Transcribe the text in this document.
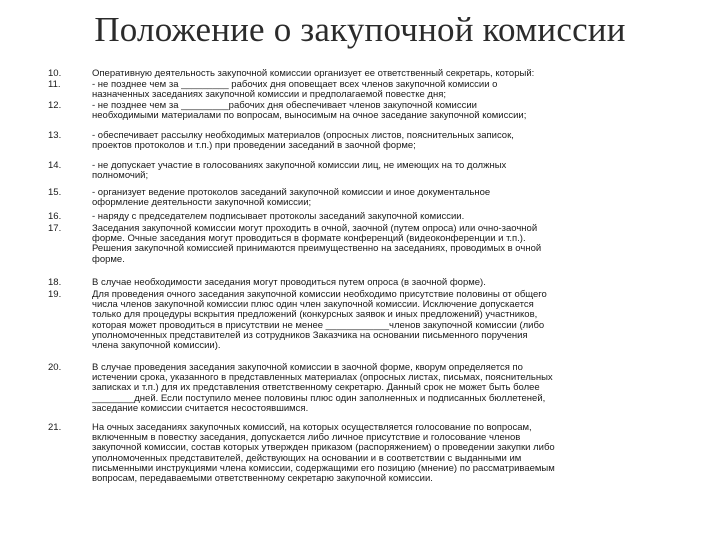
Положение о закупочной комиссии
10.	Оперативную деятельность закупочной комиссии организует ее ответственный секретарь, который:
11.	- не позднее чем за _________ рабочих дня оповещает всех членов закупочной комиссии о
назначенных заседаниях закупочной комиссии и предполагаемой повестке дня;
12.	- не позднее чем за _________рабочих дня обеспечивает членов закупочной комиссии
необходимыми материалами по вопросам, выносимым на очное заседание закупочной комиссии;
13.	- обеспечивает рассылку необходимых материалов (опросных листов, пояснительных записок,
проектов протоколов и т.п.) при проведении заседаний в заочной форме;
14.	- не допускает участие в голосованиях закупочной комиссии лиц, не имеющих на то должных
полномочий;
15.	- организует ведение протоколов заседаний закупочной комиссии и иное документальное
оформление деятельности закупочной комиссии;
16.	- наряду с председателем подписывает протоколы заседаний закупочной комиссии.
17.	Заседания закупочной комиссии могут проходить в очной, заочной (путем опроса) или очно-заочной
форме. Очные заседания могут проводиться в формате конференций (видеоконференции и т.п.).
Решения закупочной комиссией принимаются преимущественно на заседаниях, проводимых в очной
форме.
18.	В случае необходимости заседания могут проводиться путем опроса (в заочной форме).
19.	Для проведения очного заседания закупочной комиссии необходимо присутствие половины от общего
числа членов закупочной комиссии плюс один член закупочной комиссии. Исключение допускается
только для процедуры вскрытия предложений (конкурсных заявок и иных предложений) участников,
которая может проводиться в присутствии не менее ____________членов закупочной комиссии (либо
уполномоченных представителей из сотрудников Заказчика на основании письменного поручения
члена закупочной комиссии).
20.	В случае проведения заседания закупочной комиссии в заочной форме, кворум определяется по
истечении срока, указанного в представленных материалах (опросных листах, письмах, пояснительных
записках и т.п.) для их представления ответственному секретарю. Данный срок не может быть более
________дней. Если поступило менее половины плюс один заполненных и подписанных бюллетеней,
заседание комиссии считается несостоявшимся.
21.	На очных заседаниях закупочных комиссий, на которых осуществляется голосование по вопросам,
включенным в повестку заседания, допускается либо личное присутствие и голосование членов
закупочной комиссии, состав которых утвержден приказом (распоряжением) о проведении закупки либо
уполномоченных представителей, действующих на основании и в соответствии с выданными им
письменными инструкциями члена комиссии, содержащими его позицию (мнение) по рассматриваемым
вопросам, передаваемыми ответственному секретарю закупочной комиссии.
